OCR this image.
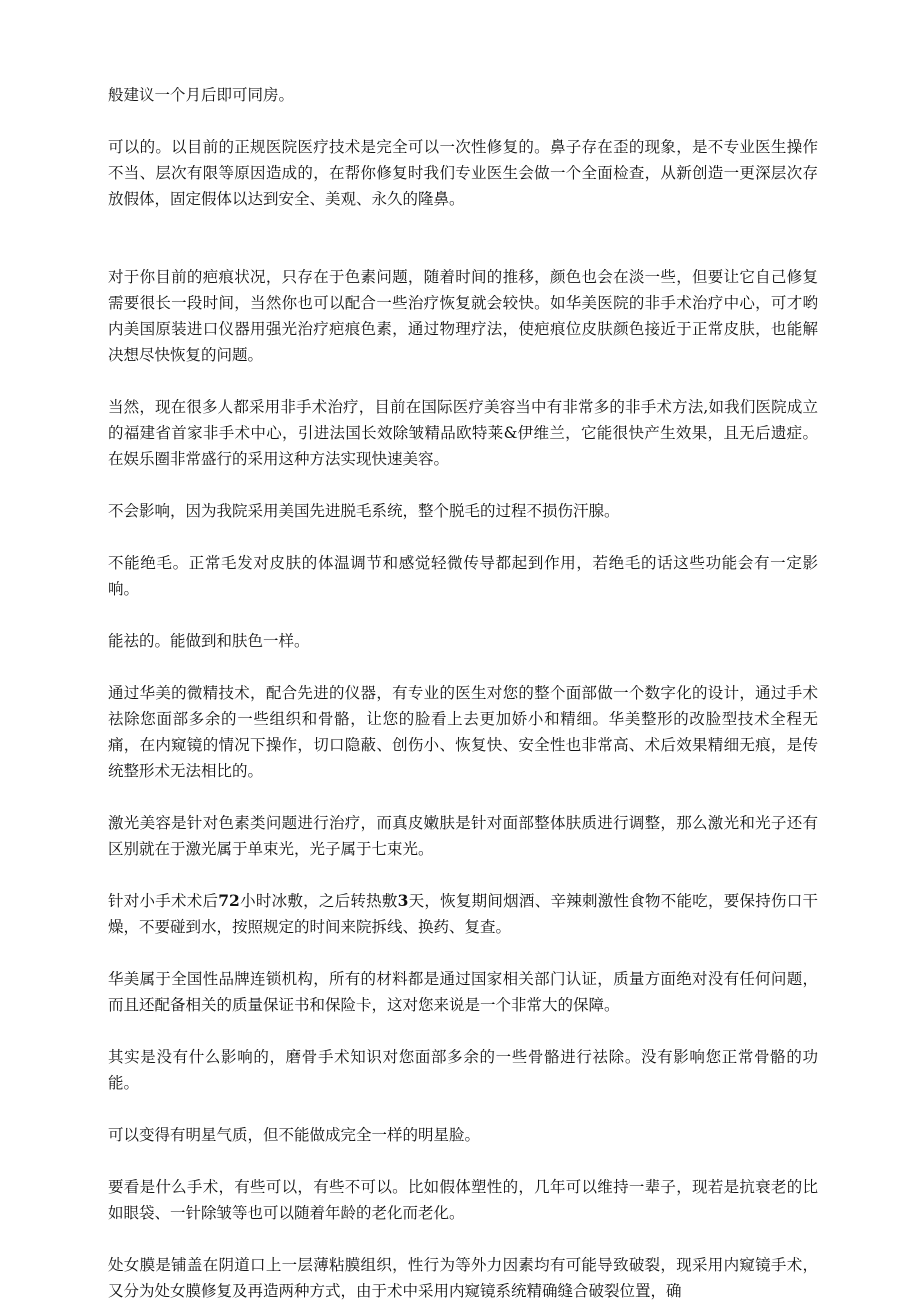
般建议一个月后即可同房。

可以的。以目前的正规医院医疗技术是完全可以一次性修复的。鼻子存在歪的现象，是不专业医生操作不当、层次有限等原因造成的，在帮你修复时我们专业医生会做一个全面检查，从新创造一更深层次存放假体，固定假体以达到安全、美观、永久的隆鼻。

对于你目前的疤痕状况，只存在于色素问题，随着时间的推移，颜色也会在淡一些，但要让它自己修复需要很长一段时间，当然你也可以配合一些治疗恢复就会较快。如华美医院的非手术治疗中心，可才哟内美国原装进口仪器用强光治疗疤痕色素，通过物理疗法，使疤痕位皮肤颜色接近于正常皮肤，也能解决想尽快恢复的问题。

当然，现在很多人都采用非手术治疗，目前在国际医疗美容当中有非常多的非手术方法,如我们医院成立的福建省首家非手术中心，引进法国长效除皱精品欧特莱&伊维兰，它能很快产生效果，且无后遗症。在娱乐圈非常盛行的采用这种方法实现快速美容。

不会影响，因为我院采用美国先进脱毛系统，整个脱毛的过程不损伤汗腺。

不能绝毛。正常毛发对皮肤的体温调节和感觉轻微传导都起到作用，若绝毛的话这些功能会有一定影响。

能祛的。能做到和肤色一样。

通过华美的微精技术，配合先进的仪器，有专业的医生对您的整个面部做一个数字化的设计，通过手术祛除您面部多余的一些组织和骨骼，让您的脸看上去更加娇小和精细。华美整形的改脸型技术全程无痛，在内窥镜的情况下操作，切口隐蔽、创伤小、恢复快、安全性也非常高、术后效果精细无痕，是传统整形术无法相比的。

激光美容是针对色素类问题进行治疗，而真皮嫩肤是针对面部整体肤质进行调整，那么激光和光子还有区别就在于激光属于单束光，光子属于七束光。

针对小手术术后72小时冰敷，之后转热敷3天，恢复期间烟酒、辛辣刺激性食物不能吃，要保持伤口干燥，不要碰到水，按照规定的时间来院拆线、换药、复查。

华美属于全国性品牌连锁机构，所有的材料都是通过国家相关部门认证，质量方面绝对没有任何问题，而且还配备相关的质量保证书和保险卡，这对您来说是一个非常大的保障。

其实是没有什么影响的，磨骨手术知识对您面部多余的一些骨骼进行祛除。没有影响您正常骨骼的功能。

可以变得有明星气质，但不能做成完全一样的明星脸。

要看是什么手术，有些可以，有些不可以。比如假体塑性的，几年可以维持一辈子，现若是抗衰老的比如眼袋、一针除皱等也可以随着年龄的老化而老化。

处女膜是铺盖在阴道口上一层薄粘膜组织，性行为等外力因素均有可能导致破裂，现采用内窥镜手术，又分为处女膜修复及再造两种方式，由于术中采用内窥镜系统精确缝合破裂位置，确
